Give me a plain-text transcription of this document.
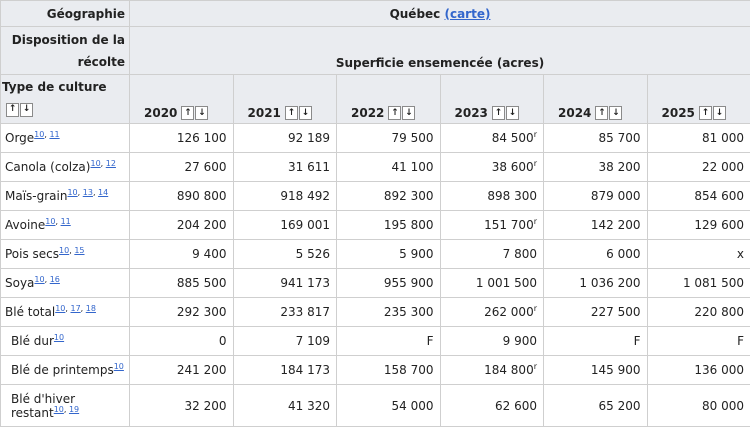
Géographie	Québec (carte)					
Disposition de la récolte	Superficie ensemencée (acres)					
Type de culture
↑ ↓	2020 ↑ ↓	2021 ↑ ↓	2022 ↑ ↓	2023 ↑ ↓	2024 ↑ ↓	2025 ↑ ↓

Orge$^{10,}$ $^{11}$	126 100	92 189	79 500	84 500$^r$	85 700	81 000
Canola (colza)$^{10,}$ $^{12}$	27 600	31 611	41 100	38 600$^r$	38 200	22 000
Maïs-grain$^{10,}$ $^{13,}$ $^{14}$	890 800	918 492	892 300	898 300	879 000	854 600
Avoine$^{10,}$ $^{11}$	204 200	169 001	195 800	151 700$^r$	142 200	129 600
Pois secs$^{10,}$ $^{15}$	9 400	5 526	5 900	7 800	6 000	x
Soya$^{10,}$ $^{16}$	885 500	941 173	955 900	1 001 500	1 036 200	1 081 500
Blé total$^{10,}$ $^{17,}$ $^{18}$	292 300	233 817	235 300	262 000$^r$	227 500	220 800
Blé dur$^{10}$	0	7 109	F	9 900	F	F
Blé de printemps$^{10}$	241 200	184 173	158 700	184 800$^r$	145 900	136 000
Blé d'hiver restant$^{10,}$ $^{19}$	32 200	41 320	54 000	62 600	65 200	80 000
